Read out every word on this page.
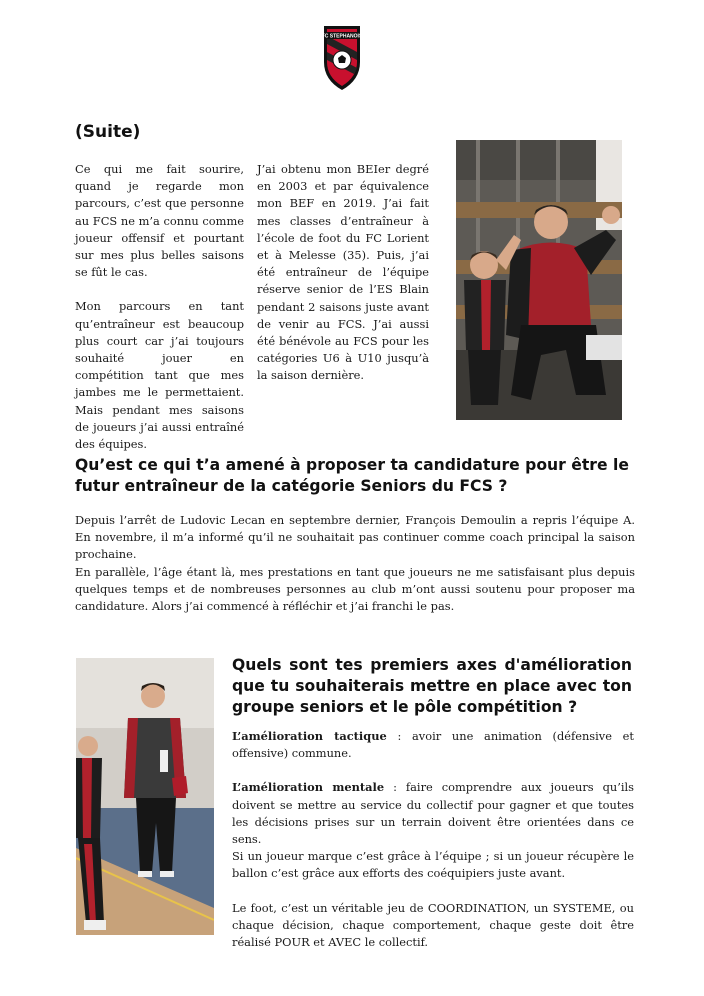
FC STEPHANOIS
(Suite)

Ce qui me fait sourire, quand je regarde mon parcours, c’est que personne au FCS ne m’a connu comme joueur offensif et pourtant sur mes plus belles saisons se fût le cas.

Mon parcours en tant qu’entraîneur est beaucoup plus court car j’ai toujours souhaité jouer en compétition tant que mes jambes me le permettaient. Mais pendant mes saisons de joueurs j’ai aussi entraîné des équipes.

J’ai obtenu mon BEIer degré en 2003 et par équivalence mon BEF en 2019. J’ai fait mes classes d’entraîneur à l’école de foot du FC Lorient et à Melesse (35). Puis, j’ai été entraîneur de l’équipe réserve senior de l’ES Blain pendant 2 saisons juste avant de venir au FCS. J’ai aussi été bénévole au FCS pour les catégories U6 à U10 jusqu’à la saison dernière.

Qu’est ce qui t’a amené à proposer ta candidature pour être le futur entraîneur de la catégorie Seniors du FCS ?

Depuis l’arrêt de Ludovic Lecan en septembre dernier, François Demoulin a repris l’équipe A. En novembre, il m’a informé qu’il ne souhaitait pas continuer comme coach principal la saison prochaine.

En parallèle, l’âge étant là, mes prestations en tant que joueurs ne me satisfaisant plus depuis quelques temps et de nombreuses personnes au club m’ont aussi soutenu pour proposer ma candidature. Alors j’ai commencé à réfléchir et j’ai franchi le pas.

Quels sont tes premiers axes d'amélioration que tu souhaiterais mettre en place avec ton groupe seniors et le pôle compétition ?

L’amélioration tactique : avoir une animation (défensive et offensive) commune.

L’amélioration mentale : faire comprendre aux joueurs qu’ils doivent se mettre au service du collectif pour gagner et que toutes les décisions prises sur un terrain doivent être orientées dans ce sens.

Si un joueur marque c’est grâce à l’équipe ; si un joueur récupère le ballon c’est grâce aux efforts des coéquipiers juste avant.

Le foot, c’est un véritable jeu de COORDINATION, un SYSTEME, ou chaque décision, chaque comportement, chaque geste doit être réalisé POUR et AVEC le collectif.
